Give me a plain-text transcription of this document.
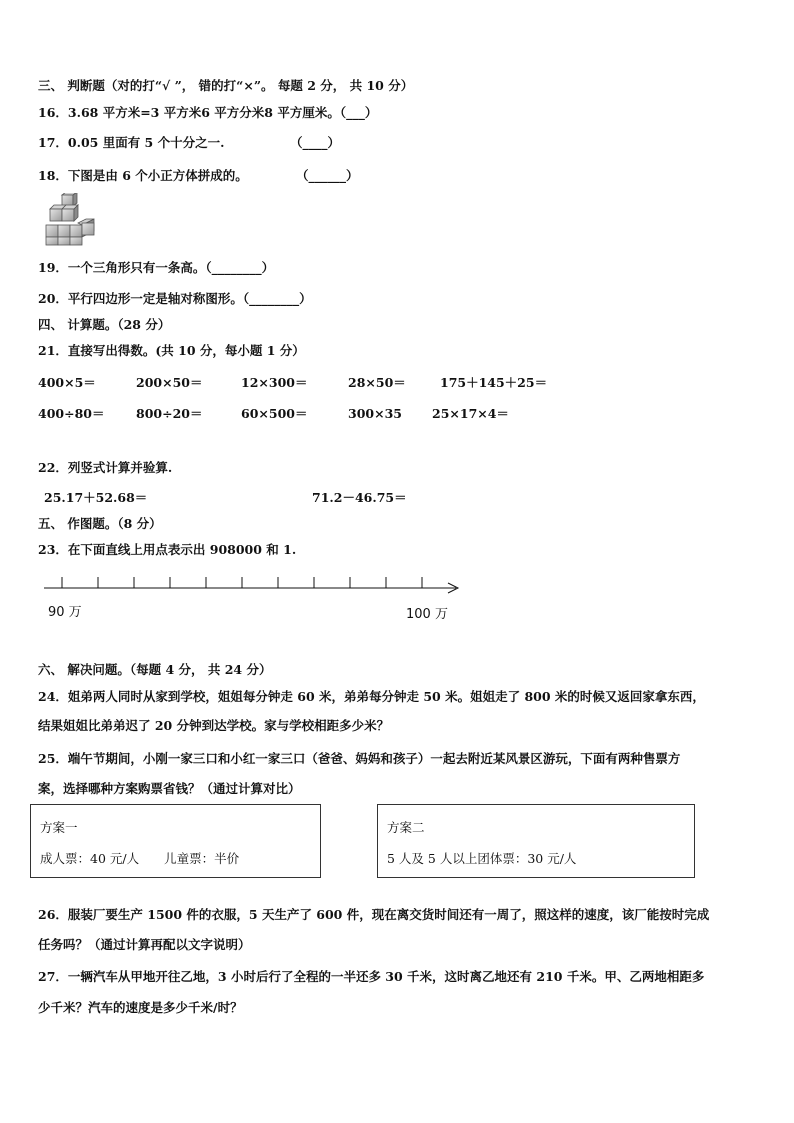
三、 判断题（对的打“√ ”， 错的打“×”。 每题 2 分， 共 10 分）
16．3.68 平方米=3 平方米6 平方分米8 平方厘米。（___）
17．0.05 里面有 5 个十分之一.	（____）
18．下图是由 6 个小正方体拼成的。	（______）
19．一个三角形只有一条高。（________）
20．平行四边形一定是轴对称图形。（________）
四、 计算题。（28 分）
21．直接写出得数。(共 10 分，每小题 1 分）
400×5＝	200×50＝	12×300＝	28×50＝	175＋145＋25＝
400÷80＝	800÷20＝	60×500＝	300×35 25×17×4＝
22．列竖式计算并验算.
25.17＋52.68＝	71.2－46.75＝
五、 作图题。（8 分）
23．在下面直线上用点表示出 908000 和 1.
90 万	100 万
六、 解决问题。（每题 4 分， 共 24 分）
24．姐弟两人同时从家到学校，姐姐每分钟走 60 米，弟弟每分钟走 50 米。姐姐走了 800 米的时候又返回家拿东西，
结果姐姐比弟弟迟了 20 分钟到达学校。家与学校相距多少米？
25．端午节期间，小刚一家三口和小红一家三口（爸爸、妈妈和孩子）一起去附近某风景区游玩，下面有两种售票方
案，选择哪种方案购票省钱？（通过计算对比）
方案一
成人票：40 元/人　　儿童票：半价
方案二
5 人及 5 人以上团体票：30 元/人
26．服装厂要生产 1500 件的衣服，5 天生产了 600 件，现在离交货时间还有一周了，照这样的速度，该厂能按时完成
任务吗？（通过计算再配以文字说明）
27．一辆汽车从甲地开往乙地，3 小时后行了全程的一半还多 30 千米，这时离乙地还有 210 千米。甲、乙两地相距多
少千米？汽车的速度是多少千米/时？
